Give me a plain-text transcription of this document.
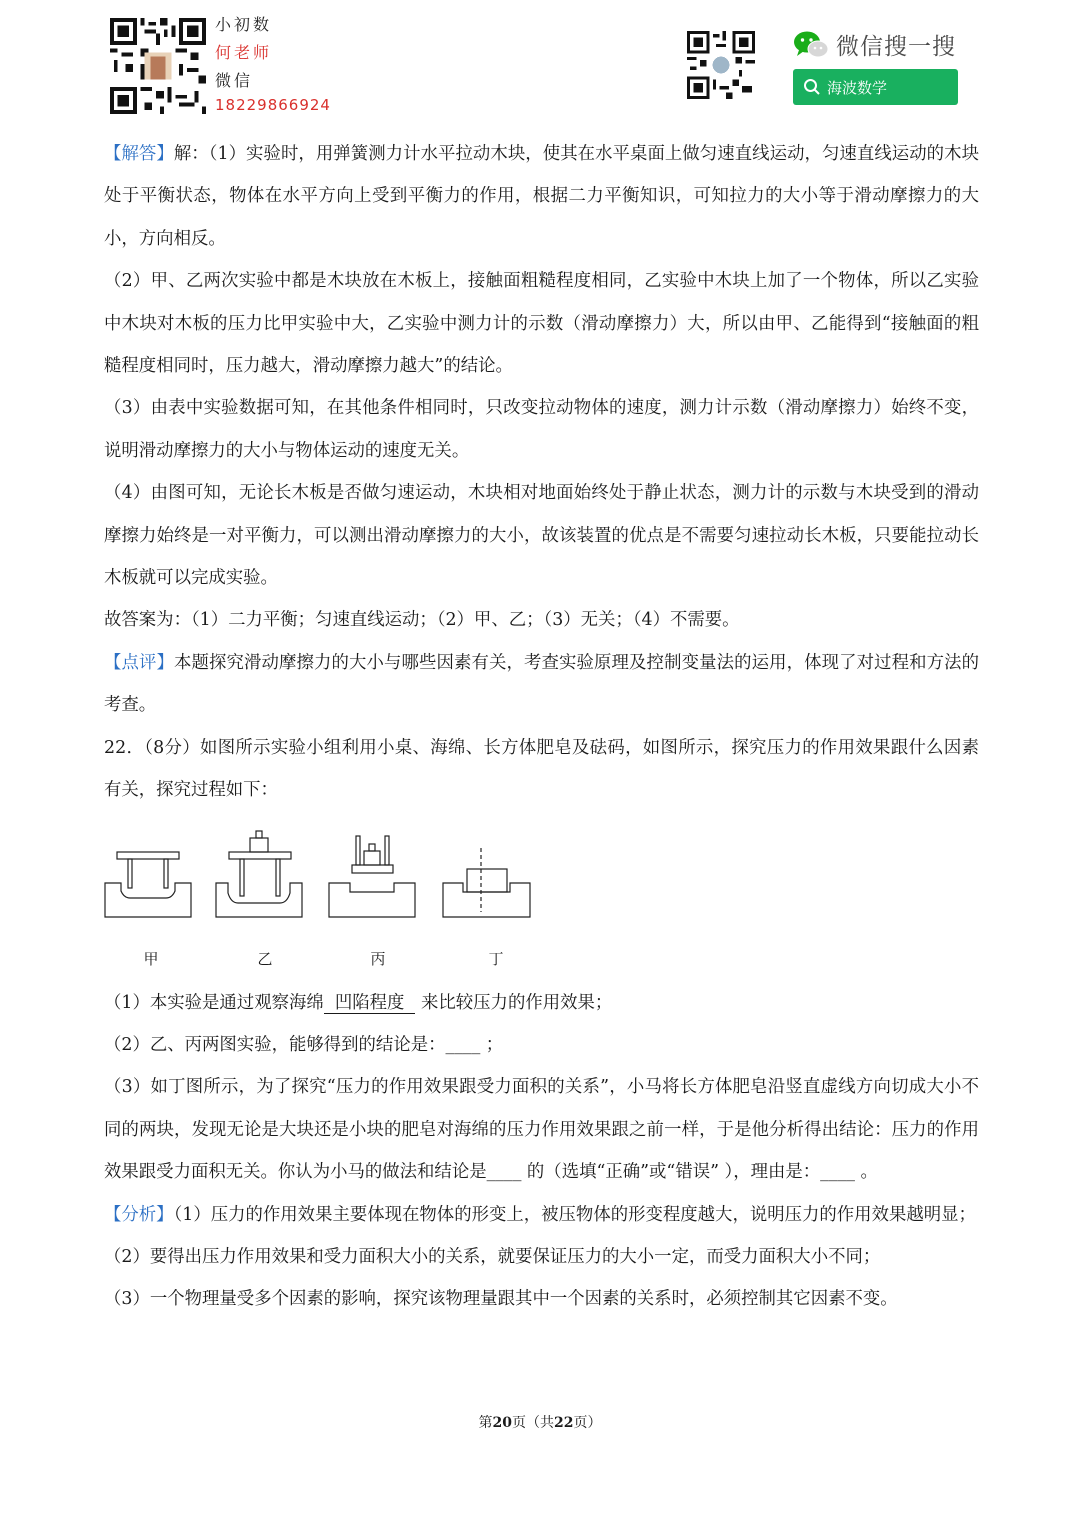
小初数
何老师
微信
18229866924
微信搜一搜
海波数学

【解答】解：（1）实验时，用弹簧测力计水平拉动木块，使其在水平桌面上做匀速直线运动，匀速直线运动的木块处于平衡状态，物体在水平方向上受到平衡力的作用，根据二力平衡知识，可知拉力的大小等于滑动摩擦力的大小，方向相反。

（2）甲、乙两次实验中都是木块放在木板上，接触面粗糙程度相同，乙实验中木块上加了一个物体，所以乙实验中木块对木板的压力比甲实验中大，乙实验中测力计的示数（滑动摩擦力）大，所以由甲、乙能得到“接触面的粗糙程度相同时，压力越大，滑动摩擦力越大”的结论。

（3）由表中实验数据可知，在其他条件相同时，只改变拉动物体的速度，测力计示数（滑动摩擦力）始终不变，说明滑动摩擦力的大小与物体运动的速度无关。

（4）由图可知，无论长木板是否做匀速运动，木块相对地面始终处于静止状态，测力计的示数与木块受到的滑动摩擦力始终是一对平衡力，可以测出滑动摩擦力的大小，故该装置的优点是不需要匀速拉动长木板，只要能拉动长木板就可以完成实验。

故答案为：（1）二力平衡；匀速直线运动；（2）甲、乙；（3）无关；（4）不需要。

【点评】本题探究滑动摩擦力的大小与哪些因素有关，考查实验原理及控制变量法的运用，体现了对过程和方法的考查。

22．（8分）如图所示实验小组利用小桌、海绵、长方体肥皂及砝码，如图所示，探究压力的作用效果跟什么因素有关，探究过程如下：

甲	乙	丙	丁

（1）本实验是通过观察海绵 凹陷程度   来比较压力的作用效果；

（2）乙、丙两图实验，能够得到的结论是：____ ；

（3）如丁图所示，为了探究“压力的作用效果跟受力面积的关系”，小马将长方体肥皂沿竖直虚线方向切成大小不同的两块，发现无论是大块还是小块的肥皂对海绵的压力作用效果跟之前一样，于是他分析得出结论：压力的作用效果跟受力面积无关。你认为小马的做法和结论是____ 的（选填“正确”或“错误” ），理由是：____ 。

【分析】（1）压力的作用效果主要体现在物体的形变上，被压物体的形变程度越大，说明压力的作用效果越明显；

（2）要得出压力作用效果和受力面积大小的关系，就要保证压力的大小一定，而受力面积大小不同；

（3）一个物理量受多个因素的影响，探究该物理量跟其中一个因素的关系时，必须控制其它因素不变。

第20页（共22页）
